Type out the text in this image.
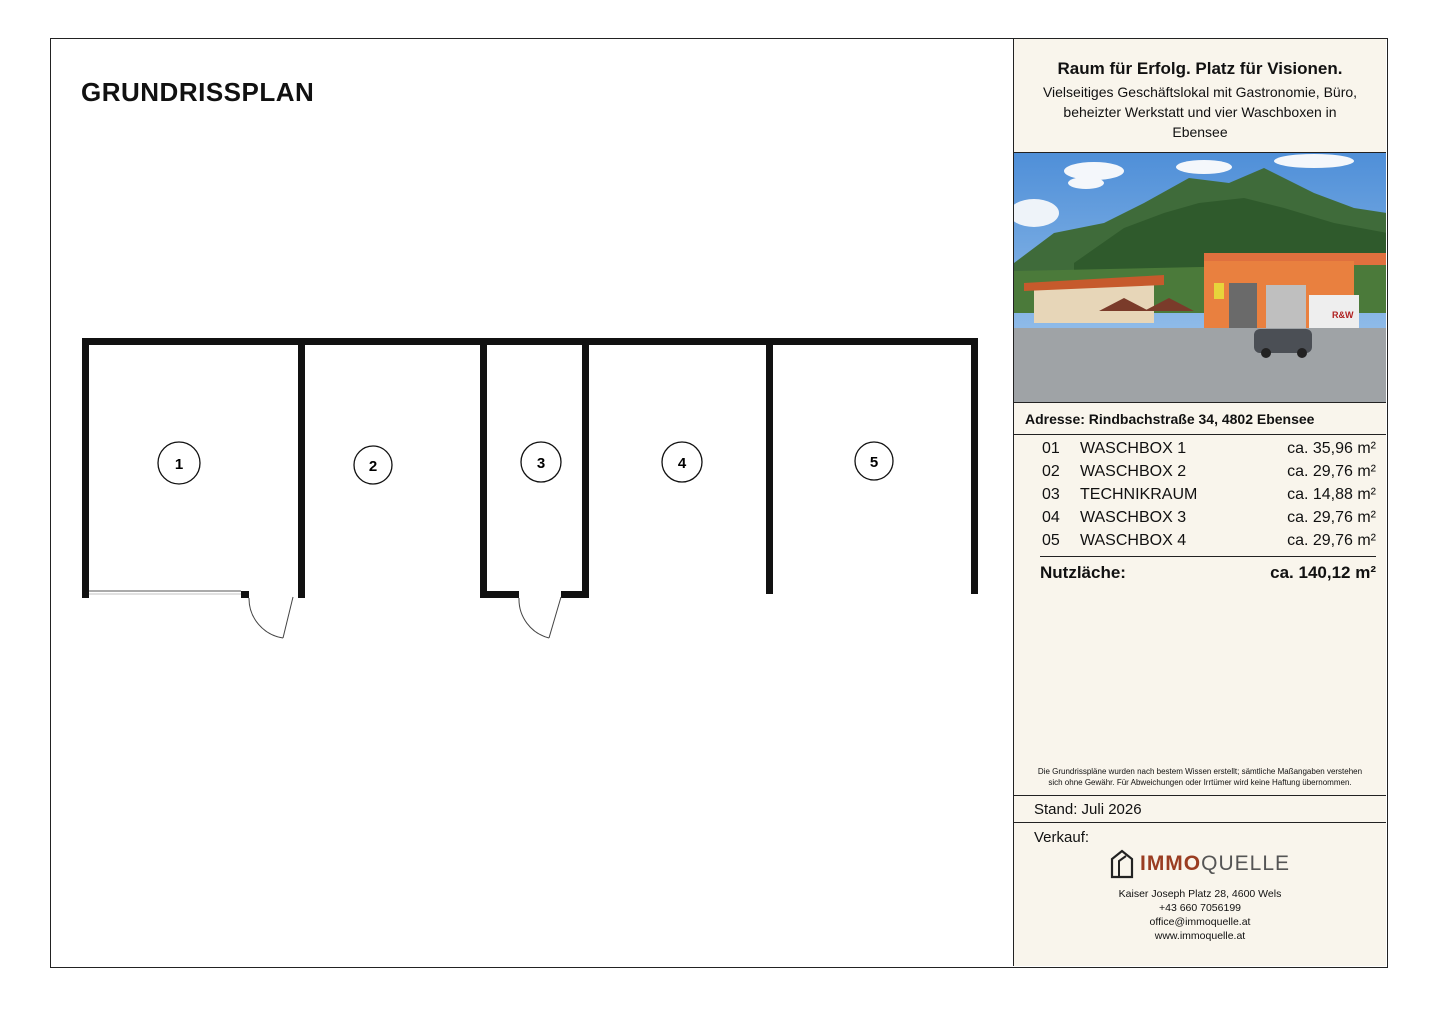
GRUNDRISSPLAN
1	2	3	4	5
Raum für Erfolg. Platz für Visionen.
Vielseitiges Geschäftslokal mit Gastronomie, Büro, beheizter Werkstatt und vier Waschboxen in Ebensee
R&W
Adresse: Rindbachstraße 34, 4802 Ebensee
01	WASCHBOX 1	ca. 35,96 m²
02	WASCHBOX 2	ca. 29,76 m²
03	TECHNIKRAUM	ca. 14,88 m²
04	WASCHBOX 3	ca. 29,76 m²
05	WASCHBOX 4	ca. 29,76 m²
Nutzläche:	ca. 140,12 m²
Die Grundrisspläne wurden nach bestem Wissen erstellt; sämtliche Maßangaben verstehen
sich ohne Gewähr. Für Abweichungen oder Irrtümer wird keine Haftung übernommen.
Stand: Juli 2026
Verkauf:
IMMOQUELLE
Kaiser Joseph Platz 28, 4600 Wels
+43 660 7056199
office@immoquelle.at
www.immoquelle.at
